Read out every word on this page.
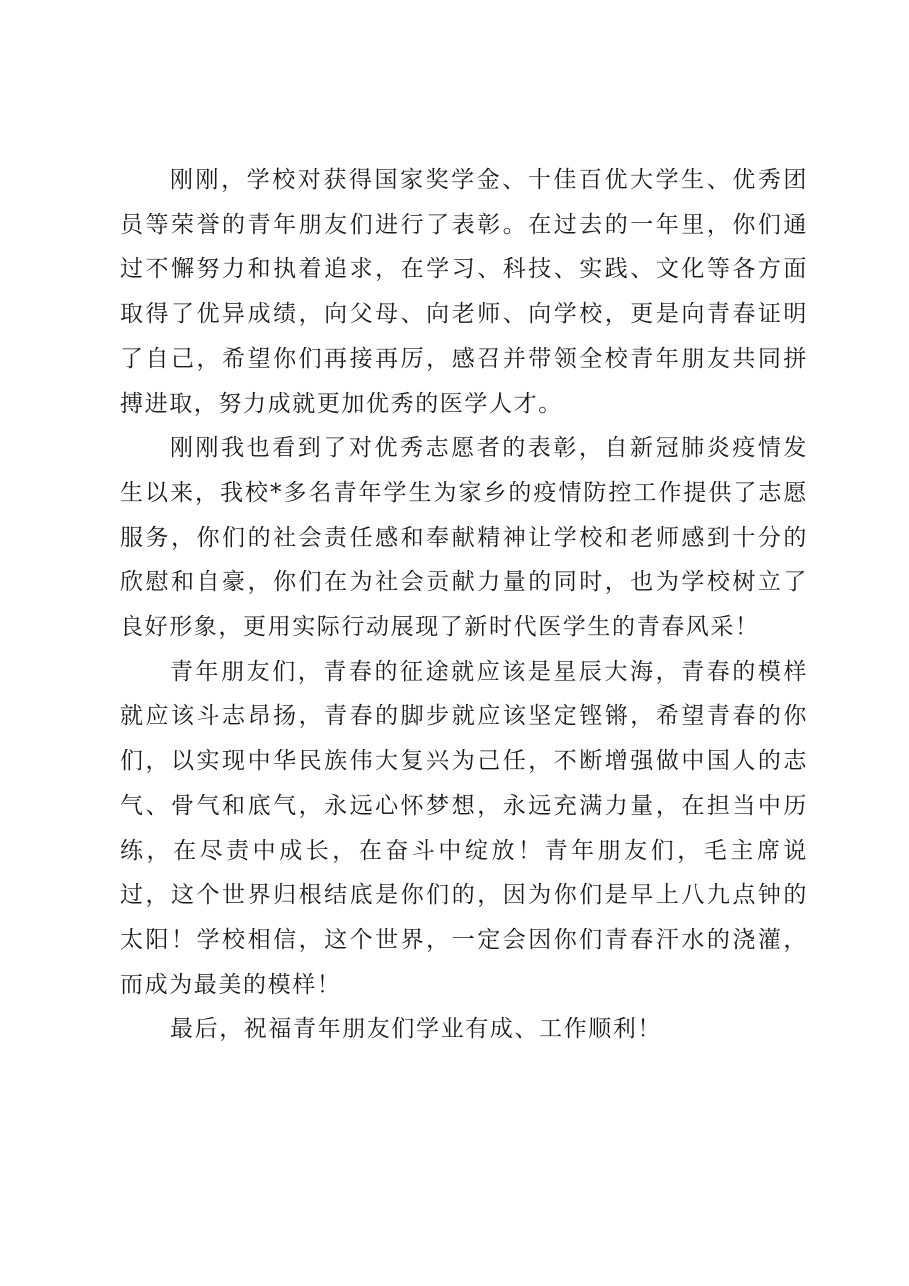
刚刚，学校对获得国家奖学金、十佳百优大学生、优秀团员等荣誉的青年朋友们进行了表彰。在过去的一年里，你们通过不懈努力和执着追求，在学习、科技、实践、文化等各方面取得了优异成绩，向父母、向老师、向学校，更是向青春证明了自己，希望你们再接再厉，感召并带领全校青年朋友共同拼搏进取，努力成就更加优秀的医学人才。

刚刚我也看到了对优秀志愿者的表彰，自新冠肺炎疫情发生以来，我校*多名青年学生为家乡的疫情防控工作提供了志愿服务，你们的社会责任感和奉献精神让学校和老师感到十分的欣慰和自豪，你们在为社会贡献力量的同时，也为学校树立了良好形象，更用实际行动展现了新时代医学生的青春风采！

青年朋友们，青春的征途就应该是星辰大海，青春的模样就应该斗志昂扬，青春的脚步就应该坚定铿锵，希望青春的你们，以实现中华民族伟大复兴为己任，不断增强做中国人的志气、骨气和底气，永远心怀梦想，永远充满力量，在担当中历练，在尽责中成长，在奋斗中绽放！青年朋友们，毛主席说过，这个世界归根结底是你们的，因为你们是早上八九点钟的太阳！学校相信，这个世界，一定会因你们青春汗水的浇灌，而成为最美的模样！

最后，祝福青年朋友们学业有成、工作顺利！
